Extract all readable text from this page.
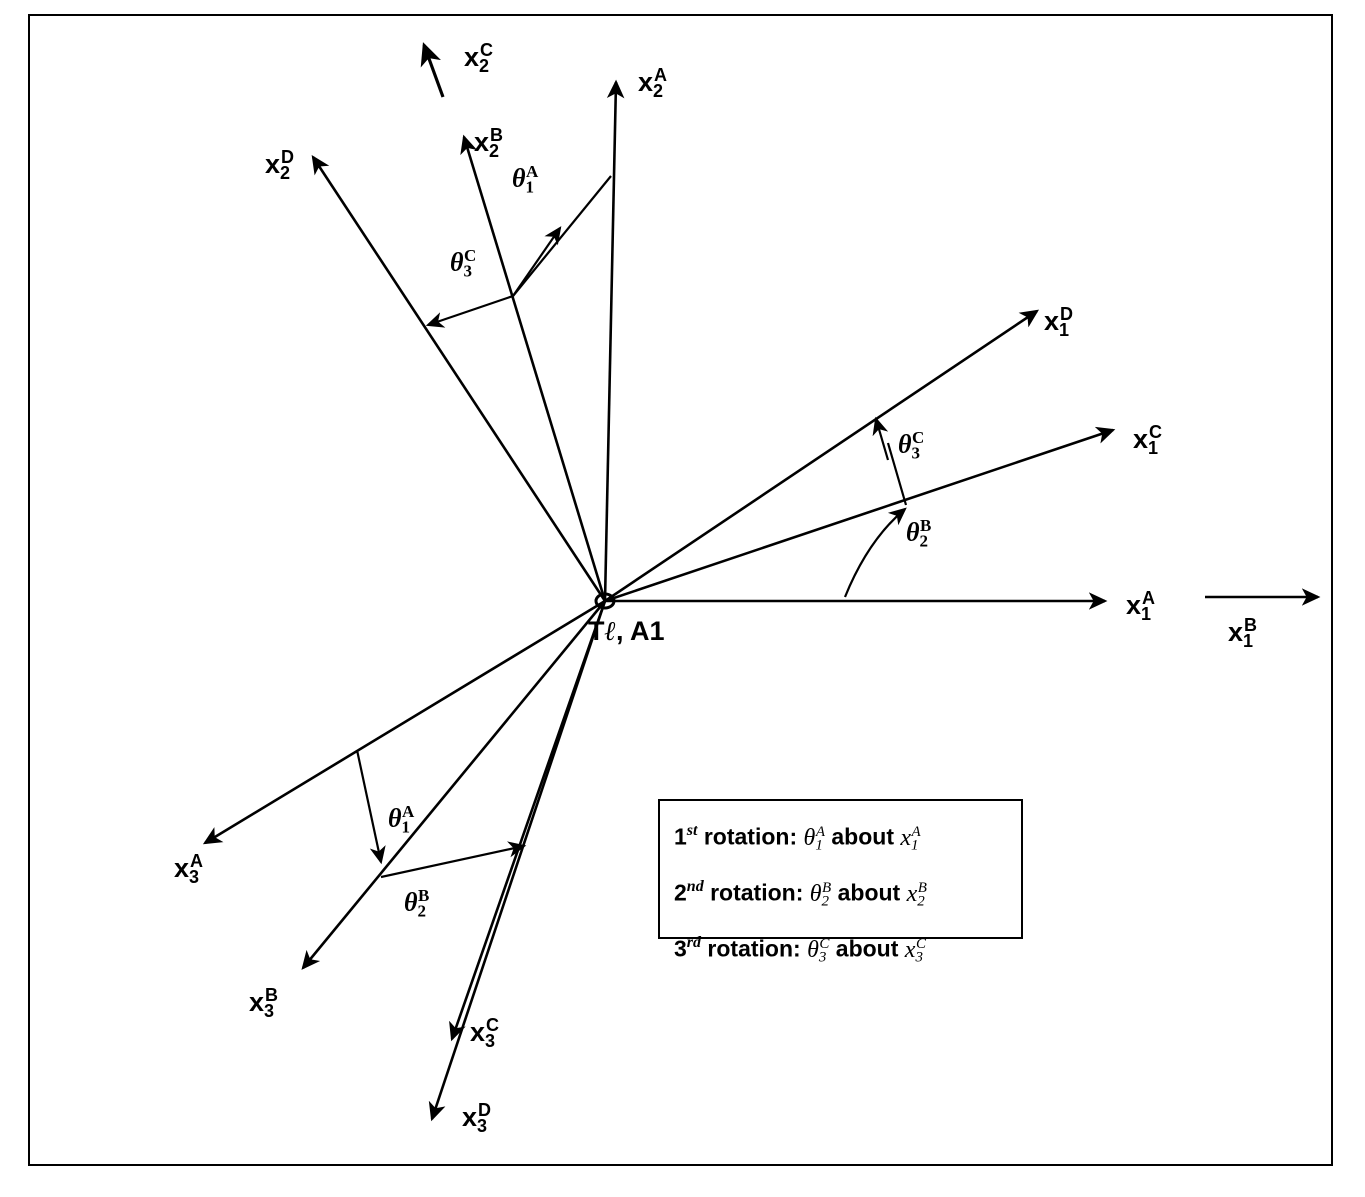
$x_2^C$
$x_2^A$
$x_2^B$
$x_2^D$
$x_1^D$
$x_1^C$
$x_1^A$
$x_1^B$
$x_3^A$
$x_3^B$
$x_3^C$
$x_3^D$
$\theta_1^A$
$\theta_3^C$
$\theta_3^C$
$\theta_2^B$
$\theta_1^A$
$\theta_2^B$
Tℓ, A1
1st rotation: $\theta_1^A$ about $x_1^A$
2nd rotation: $\theta_2^B$ about $x_2^B$
3rd rotation: $\theta_3^C$ about $x_3^C$
